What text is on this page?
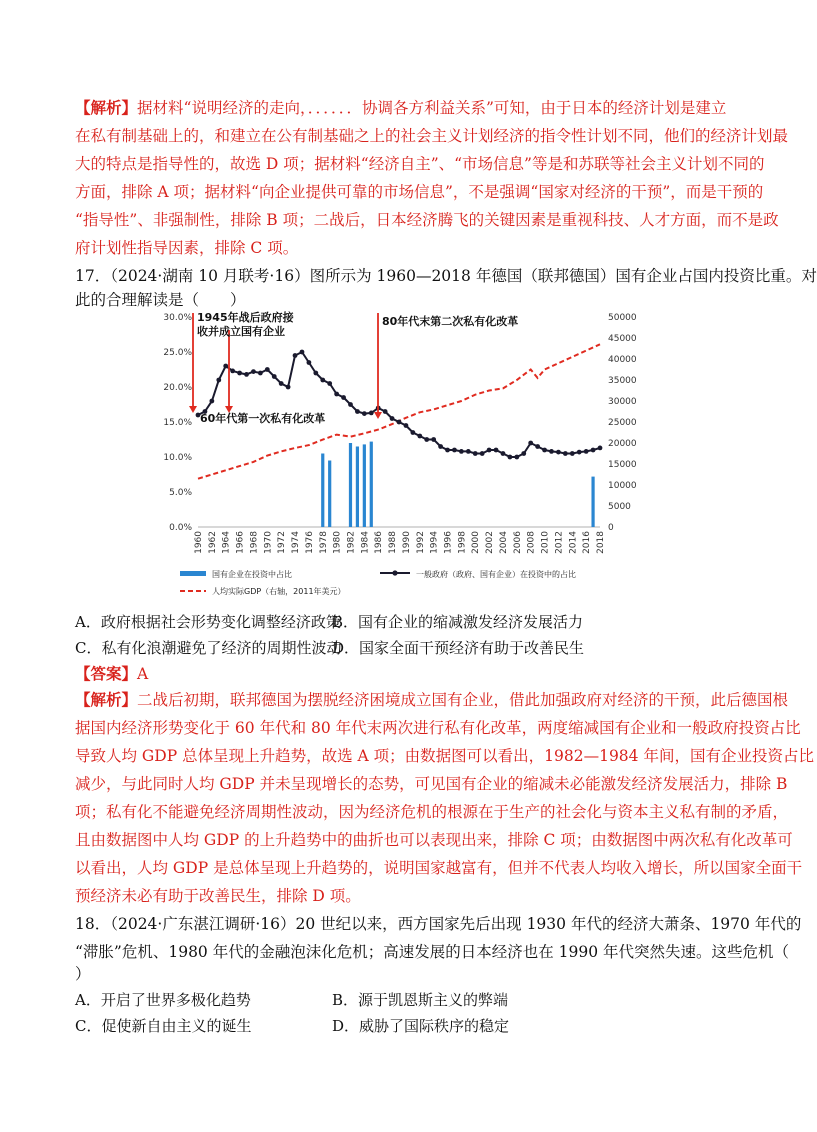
【解析】据材料“说明经济的走向，．．．．．．协调各方利益关系”可知，由于日本的经济计划是建立
在私有制基础上的，和建立在公有制基础之上的社会主义计划经济的指令性计划不同，他们的经济计划最
大的特点是指导性的，故选 D 项；据材料“经济自主”、“市场信息”等是和苏联等社会主义计划不同的
方面，排除 A 项；据材料“向企业提供可靠的市场信息”，不是强调“国家对经济的干预”，而是干预的
“指导性”、非强制性，排除 B 项；二战后，日本经济腾飞的关键因素是重视科技、人才方面，而不是政
府计划性指导因素，排除 C 项。
17．（2024·湖南 10 月联考·16）图所示为 1960—2018 年德国（联邦德国）国有企业占国内投资比重。对
此的合理解读是（　　）
30.0%
25.0%
20.0%
15.0%
10.0%
5.0%
0.0%
50000
45000
40000
35000
30000
25000
20000
15000
10000
5000
0
1960 1962 1964 1966 1968 1970 1972 1974 1976 1978 1980 1982 1984 1986 1988 1990 1992 1994 1996 1998 2000 2002 2004 2006 2008 2010 2012 2014 2016 2018
1945年战后政府接
收并成立国有企业
80年代末第二次私有化改革
60年代第一次私有化改革
国有企业在投资中占比	一般政府（政府、国有企业）在投资中的占比
人均实际GDP（右轴，2011年美元）
A．政府根据社会形势变化调整经济政策
B．国有企业的缩减激发经济发展活力
C．私有化浪潮避免了经济的周期性波动
D．国家全面干预经济有助于改善民生
【答案】A
【解析】二战后初期，联邦德国为摆脱经济困境成立国有企业，借此加强政府对经济的干预，此后德国根
据国内经济形势变化于 60 年代和 80 年代末两次进行私有化改革，两度缩减国有企业和一般政府投资占比
导致人均 GDP 总体呈现上升趋势，故选 A 项；由数据图可以看出，1982—1984 年间，国有企业投资占比
减少，与此同时人均 GDP 并未呈现增长的态势，可见国有企业的缩减未必能激发经济发展活力，排除 B
项；私有化不能避免经济周期性波动，因为经济危机的根源在于生产的社会化与资本主义私有制的矛盾，
且由数据图中人均 GDP 的上升趋势中的曲折也可以表现出来，排除 C 项；由数据图中两次私有化改革可
以看出，人均 GDP 是总体呈现上升趋势的，说明国家越富有，但并不代表人均收入增长，所以国家全面干
预经济未必有助于改善民生，排除 D 项。
18．（2024·广东湛江调研·16）20 世纪以来，西方国家先后出现 1930 年代的经济大萧条、1970 年代的
“滞胀”危机、1980 年代的金融泡沫化危机；高速发展的日本经济也在 1990 年代突然失速。这些危机（
）
A．开启了世界多极化趋势	B．源于凯恩斯主义的弊端
C．促使新自由主义的诞生	D．威胁了国际秩序的稳定
